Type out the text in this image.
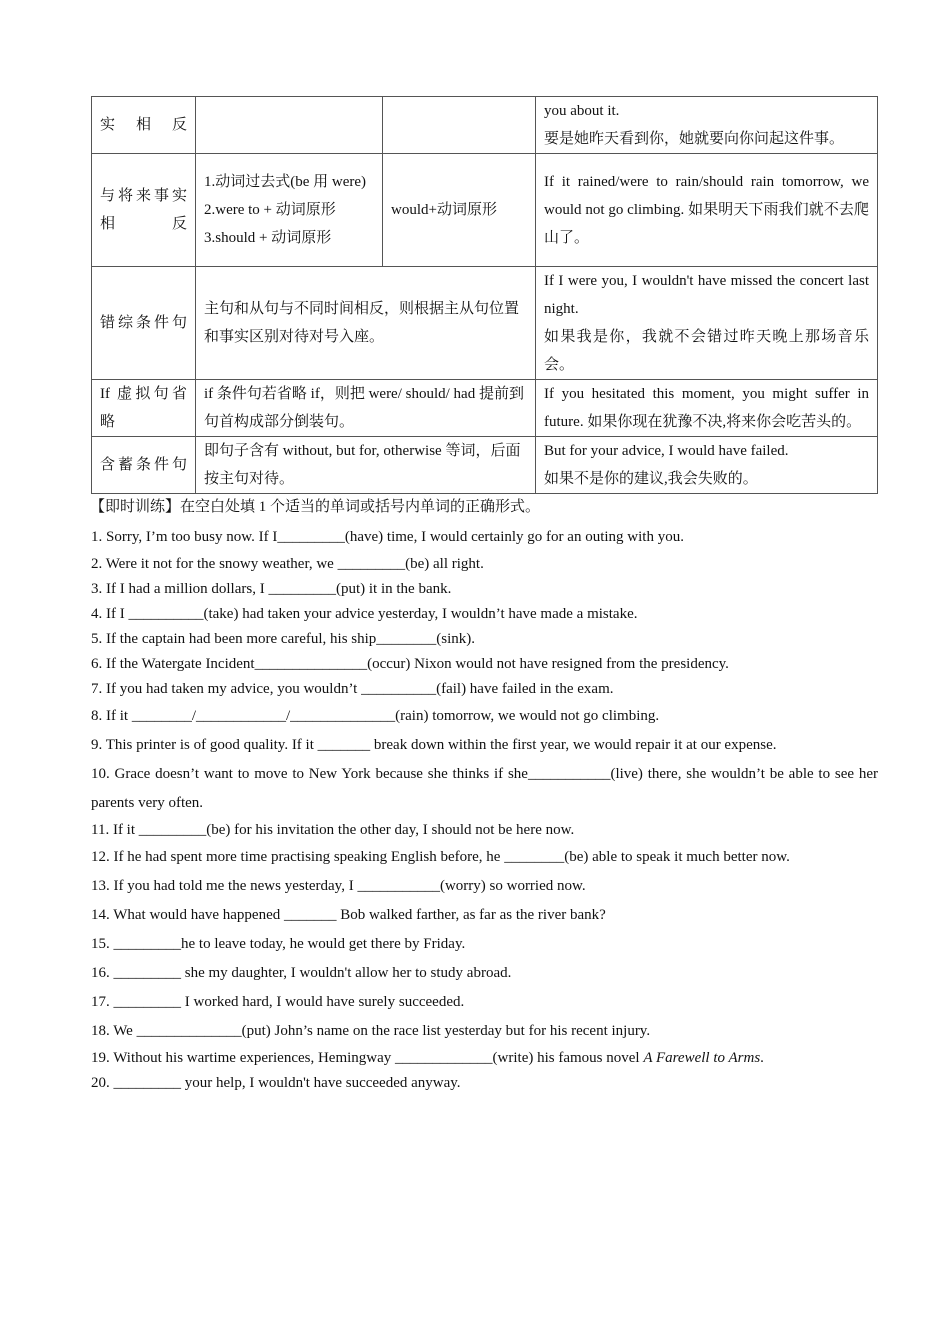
实相反			you about it.
要是她昨天看到你，她就要向你问起这件事。

与将来事实相反	1.动词过去式(be 用 were)
2.were to + 动词原形
3.should + 动词原形	would+动词原形	If it rained/were to rain/should rain tomorrow, we would not go climbing. 如果明天下雨我们就不去爬山了。
错综条件句	主句和从句与不同时间相反，则根据主从句位置和事实区别对待对号入座。		If I were you, I wouldn't have missed the concert last night.
如果我是你，我就不会错过昨天晚上那场音乐会。

If 虚拟句省略	if 条件句若省略 if，则把 were/ should/ had 提前到句首构成部分倒装句。		If you hesitated this moment, you might suffer in future. 如果你现在犹豫不决,将来你会吃苦头的。
含蓄条件句	即句子含有 without, but for, otherwise 等词，后面按主句对待。		But for your advice, I would have failed.
如果不是你的建议,我会失败的。
【即时训练】在空白处填 1 个适当的单词或括号内单词的正确形式。

1. Sorry, I’m too busy now. If I_________(have) time, I would certainly go for an outing with you.

2. Were it not for the snowy weather, we _________(be) all right.

3. If I had a million dollars, I _________(put) it in the bank.

4. If I __________(take) had taken your advice yesterday, I wouldn’t have made a mistake.

5. If the captain had been more careful, his ship________(sink).

6. If the Watergate Incident_______________(occur) Nixon would not have resigned from the presidency.

7. If you had taken my advice, you wouldn’t __________(fail) have failed in the exam.

8. If it ________/____________/______________(rain) tomorrow, we would not go climbing.

9. This printer is of good quality. If it _______ break down within the first year, we would repair it at our expense.

10. Grace doesn’t want to move to New York because she thinks if she___________(live) there, she wouldn’t be able to see her parents very often.

11. If it _________(be) for his invitation the other day, I should not be here now.

12. If he had spent more time practising speaking English before, he ________(be) able to speak it much better now.

13. If you had told me the news yesterday, I ___________(worry) so worried now.

14. What would have happened _______ Bob walked farther, as far as the river bank?

15. _________he to leave today, he would get there by Friday.

16. _________ she my daughter, I wouldn't allow her to study abroad.

17. _________ I worked hard, I would have surely succeeded.

18. We ______________(put) John’s name on the race list yesterday but for his recent injury.

19. Without his wartime experiences, Hemingway _____________(write) his famous novel A Farewell to Arms.

20. _________ your help, I wouldn't have succeeded anyway.
